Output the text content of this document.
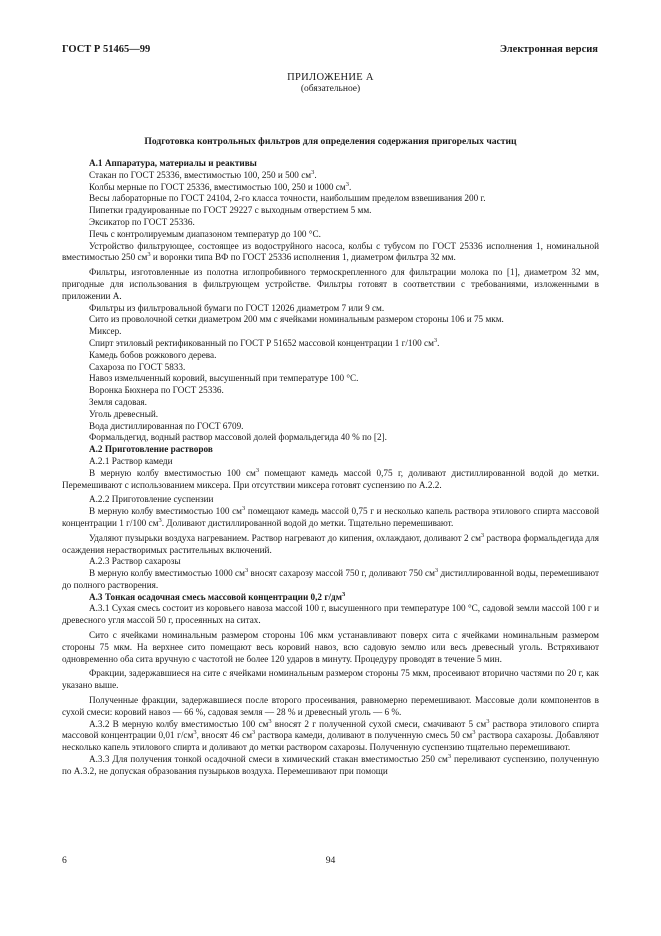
ГОСТ Р 51465—99	Электронная версия
ПРИЛОЖЕНИЕ А
(обязательное)
Подготовка контрольных фильтров для определения содержания пригорелых частиц

А.1 Аппаратура, материалы и реактивы

Стакан по ГОСТ 25336, вместимостью 100, 250 и 500 $см^3$.

Колбы мерные по ГОСТ 25336, вместимостью 100, 250 и 1000 $см^3$.

Весы лабораторные по ГОСТ 24104, 2-го класса точности, наибольшим пределом взвешивания 200 г.

Пипетки градуированные по ГОСТ 29227 с выходным отверстием 5 мм.

Эксикатор по ГОСТ 25336.

Печь с контролируемым диапазоном температур до 100 °С.

Устройство фильтрующее, состоящее из водоструйного насоса, колбы с тубусом по ГОСТ 25336 исполнения 1, номинальной вместимостью 250 $см^3$ и воронки типа ВФ по ГОСТ 25336 исполнения 1, диаметром фильтра 32 мм.

Фильтры, изготовленные из полотна иглопробивного термоскрепленного для фильтрации молока по [1], диаметром 32 мм, пригодные для использования в фильтрующем устройстве. Фильтры готовят в соответствии с требованиями, изложенными в приложении А.

Фильтры из фильтровальной бумаги по ГОСТ 12026 диаметром 7 или 9 см.

Сито из проволочной сетки диаметром 200 мм с ячейками номинальным размером стороны 106 и 75 мкм.

Миксер.

Спирт этиловый ректификованный по ГОСТ Р 51652 массовой концентрации 1 г/100 $см^3$.

Камедь бобов рожкового дерева.

Сахароза по ГОСТ 5833.

Навоз измельченный коровий, высушенный при температуре 100 °С.

Воронка Бюхнера по ГОСТ 25336.

Земля садовая.

Уголь древесный.

Вода дистиллированная по ГОСТ 6709.

Формальдегид, водный раствор массовой долей формальдегида 40 % по [2].

А.2 Приготовление растворов

А.2.1 Раствор камеди

В мерную колбу вместимостью 100 $см^3$ помещают камедь массой 0,75 г, доливают дистиллированной водой до метки. Перемешивают с использованием миксера. При отсутствии миксера готовят суспензию по А.2.2.

А.2.2 Приготовление суспензии

В мерную колбу вместимостью 100 $см^3$ помещают камедь массой 0,75 г и несколько капель раствора этилового спирта массовой концентрации 1 г/100 $см^3$. Доливают дистиллированной водой до метки. Тщательно перемешивают.

Удаляют пузырьки воздуха нагреванием. Раствор нагревают до кипения, охлаждают, доливают 2 $см^3$ раствора формальдегида для осаждения нерастворимых растительных включений.

А.2.3 Раствор сахарозы

В мерную колбу вместимостью 1000 $см^3$ вносят сахарозу массой 750 г, доливают 750 $см^3$ дистиллированной воды, перемешивают до полного растворения.

А.3 Тонкая осадочная смесь массовой концентрации 0,2 $г/дм^3$

А.3.1 Сухая смесь состоит из коровьего навоза массой 100 г, высушенного при температуре 100 °С, садовой земли массой 100 г и древесного угля массой 50 г, просеянных на ситах.

Сито с ячейками номинальным размером стороны 106 мкм устанавливают поверх сита с ячейками номинальным размером стороны 75 мкм. На верхнее сито помещают весь коровий навоз, всю садовую землю или весь древесный уголь. Встряхивают одновременно оба сита вручную с частотой не более 120 ударов в минуту. Процедуру проводят в течение 5 мин.

Фракции, задержавшиеся на сите с ячейками номинальным размером стороны 75 мкм, просеивают вторично частями по 20 г, как указано выше.

Полученные фракции, задержавшиеся после второго просеивания, равномерно перемешивают. Массовые доли компонентов в сухой смеси: коровий навоз — 66 %, садовая земля — 28 % и древесный уголь — 6 %.

А.3.2 В мерную колбу вместимостью 100 $см^3$ вносят 2 г полученной сухой смеси, смачивают 5 $см^3$ раствора этилового спирта массовой концентрации 0,01 $г/см^3$, вносят 46 $см^3$ раствора камеди, доливают в полученную смесь 50 $см^3$ раствора сахарозы. Добавляют несколько капель этилового спирта и доливают до метки раствором сахарозы. Полученную суспензию тщательно перемешивают.

А.3.3 Для получения тонкой осадочной смеси в химический стакан вместимостью 250 $см^3$ переливают суспензию, полученную по А.3.2, не допуская образования пузырьков воздуха. Перемешивают при помощи

6	94
